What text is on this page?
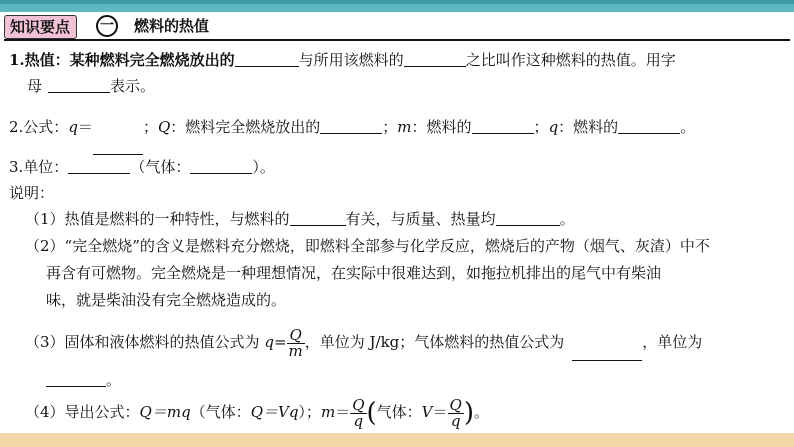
知识要点	一 燃料的热值
1.热值：某种燃料完全燃烧放出的	与所用该燃料的	之比叫作这种燃料的热值。用字
母	表示。
2.公式：q＝	；Q：燃料完全燃烧放出的	；m：燃料的	；q：燃料的	。
3.单位：	（气体：	）。
说明：
（1）热值是燃料的一种特性，与燃料的	有关，与质量、热量均	。
（2）“完全燃烧”的含义是燃料充分燃烧，即燃料全部参与化学反应，燃烧后的产物（烟气、灰渣）中不
再含有可燃物。完全燃烧是一种理想情况，在实际中很难达到，如拖拉机排出的尾气中有柴油
味，就是柴油没有完全燃烧造成的。
（3）固体和液体燃料的热值公式为 $q= \frac{Q}{m}$ ，单位为 J/kg；气体燃料的热值公式为	，单位为
。
（4）导出公式：Q＝mq（气体：Q＝Vq）；$m= \frac{Q}{q}$ (气体：$V= \frac{Q}{q}$ )。
